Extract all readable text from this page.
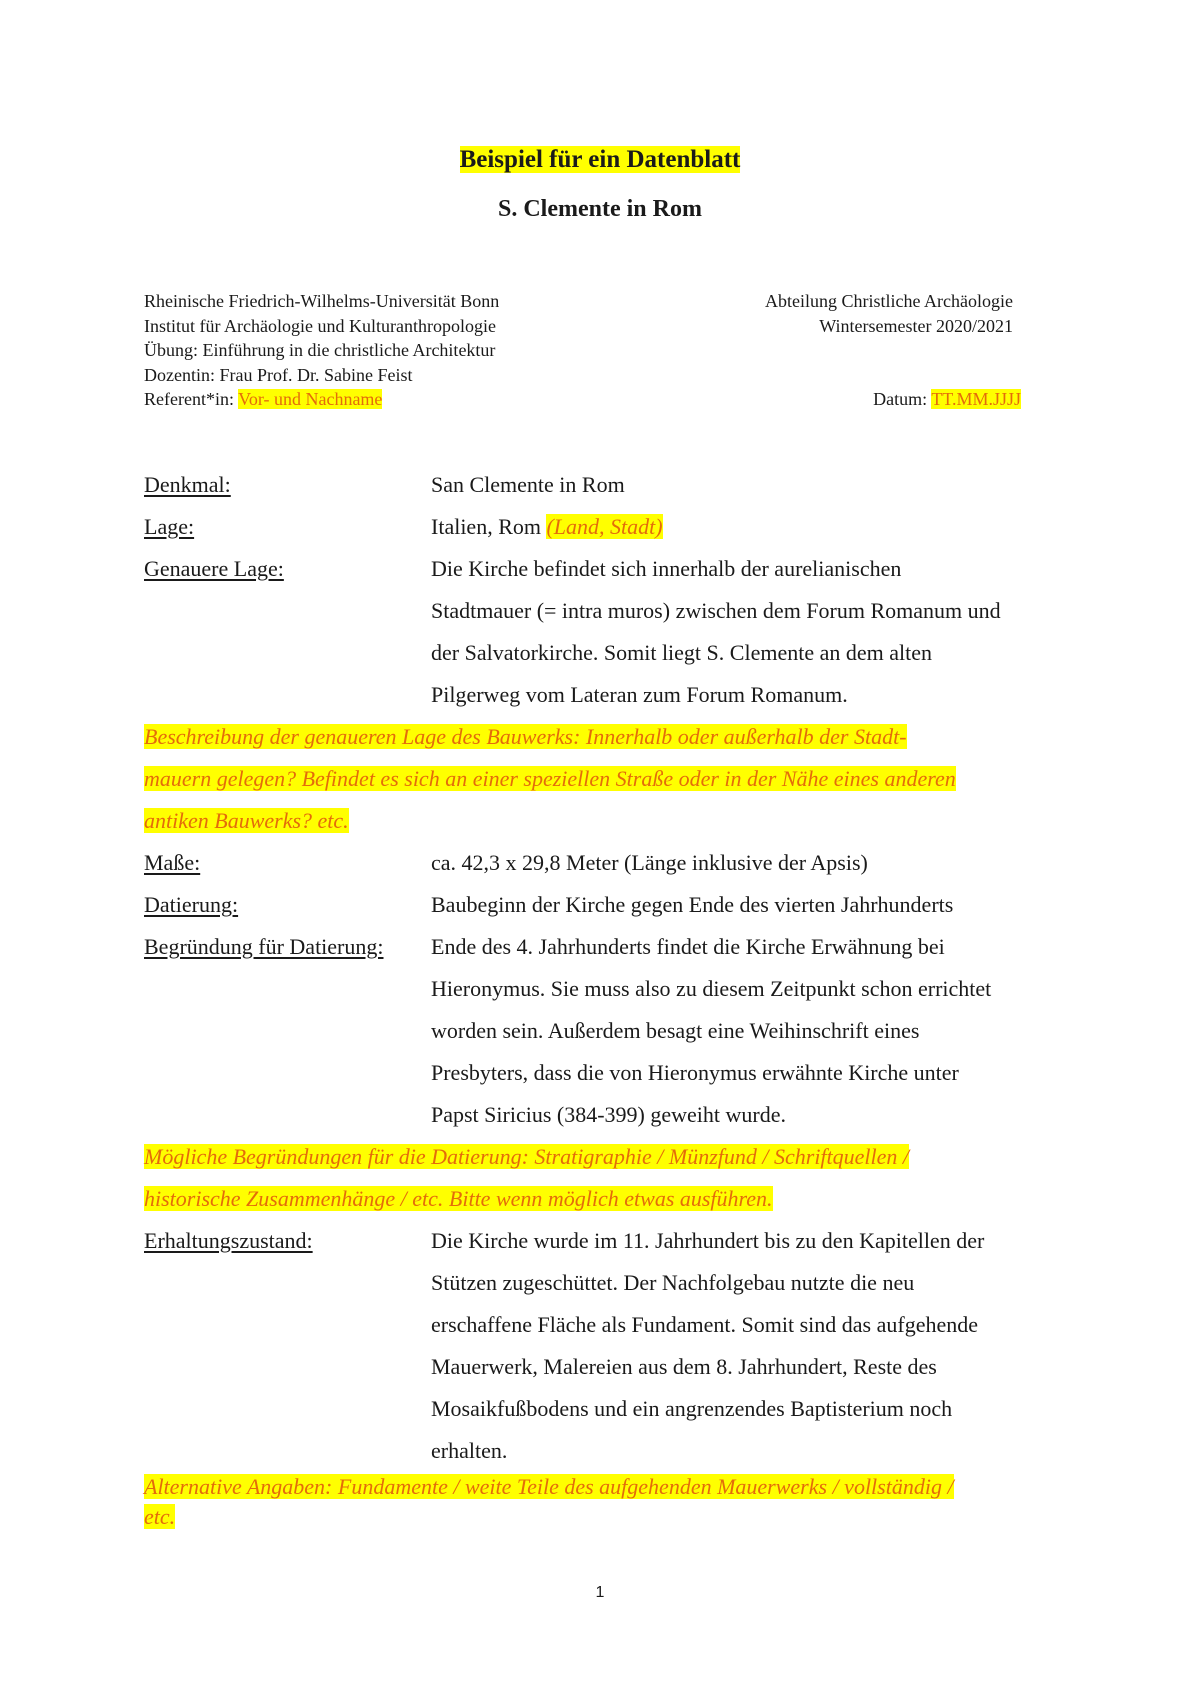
Beispiel für ein Datenblatt
S. Clemente in Rom
Rheinische Friedrich-Wilhelms-Universität Bonn
Institut für Archäologie und Kulturanthropologie
Übung: Einführung in die christliche Architektur
Dozentin: Frau Prof. Dr. Sabine Feist
Referent*in: Vor- und Nachname
Abteilung Christliche Archäologie
Wintersemester 2020/2021
Datum: TT.MM.JJJJ
Denkmal:	San Clemente in Rom
Lage:	Italien, Rom (Land, Stadt)
Genauere Lage:	Die Kirche befindet sich innerhalb der aurelianischen
Stadtmauer (= intra muros) zwischen dem Forum Romanum und
der Salvatorkirche. Somit liegt S. Clemente an dem alten
Pilgerweg vom Lateran zum Forum Romanum.
Beschreibung der genaueren Lage des Bauwerks: Innerhalb oder außerhalb der Stadt-
mauern gelegen? Befindet es sich an einer speziellen Straße oder in der Nähe eines anderen
antiken Bauwerks? etc.
Maße:	ca. 42,3 x 29,8 Meter (Länge inklusive der Apsis)
Datierung:	Baubeginn der Kirche gegen Ende des vierten Jahrhunderts
Begründung für Datierung:	Ende des 4. Jahrhunderts findet die Kirche Erwähnung bei
Hieronymus. Sie muss also zu diesem Zeitpunkt schon errichtet
worden sein. Außerdem besagt eine Weihinschrift eines
Presbyters, dass die von Hieronymus erwähnte Kirche unter
Papst Siricius (384-399) geweiht wurde.
Mögliche Begründungen für die Datierung: Stratigraphie / Münzfund / Schriftquellen /
historische Zusammenhänge / etc. Bitte wenn möglich etwas ausführen.
Erhaltungszustand:	Die Kirche wurde im 11. Jahrhundert bis zu den Kapitellen der
Stützen zugeschüttet. Der Nachfolgebau nutzte die neu
erschaffene Fläche als Fundament. Somit sind das aufgehende
Mauerwerk, Malereien aus dem 8. Jahrhundert, Reste des
Mosaikfußbodens und ein angrenzendes Baptisterium noch
erhalten.
Alternative Angaben: Fundamente / weite Teile des aufgehenden Mauerwerks / vollständig /
etc.
1
